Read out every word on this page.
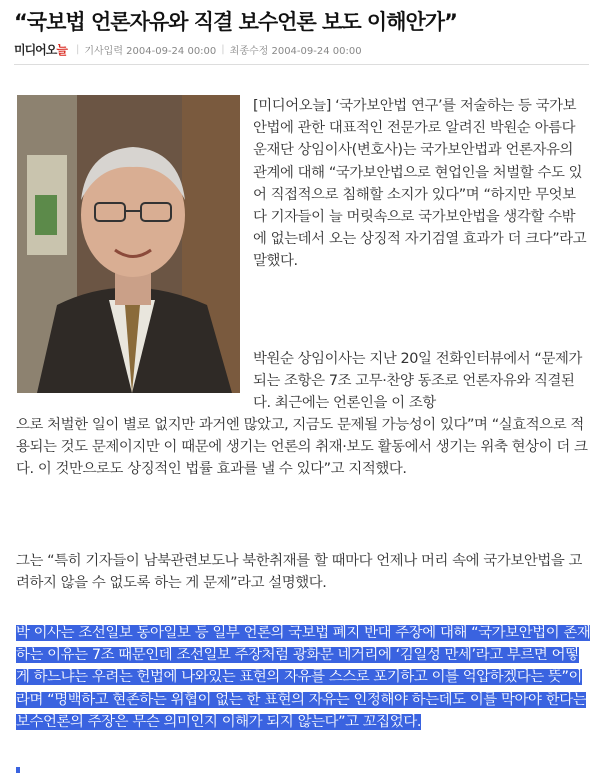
“국보법 언론자유와 직결 보수언론 보도 이해안가”
미디어오늘 | 기사입력 2004-09-24 00:00 | 최종수정 2004-09-24 00:00

[미디어오늘] ‘국가보안법 연구’를 저술하는 등 국가보안법에 관한 대표적인 전문가로 알려진 박원순 아름다운재단 상임이사(변호사)는 국가보안법과 언론자유의 관계에 대해 “국가보안법으로 현업인을 처벌할 수도 있어 직접적으로 침해할 소지가 있다”며 “하지만 무엇보다 기자들이 늘 머릿속으로 국가보안법을 생각할 수밖에 없는데서 오는 상징적 자기검열 효과가 더 크다”라고 말했다.

박원순 상임이사는 지난 20일 전화인터뷰에서 “문제가 되는 조항은 7조 고무·찬양 동조로 언론자유와 직결된다. 최근에는 언론인을 이 조항

으로 처벌한 일이 별로 없지만 과거엔 많았고, 지금도 문제될 가능성이 있다”며 “실효적으로 적용되는 것도 문제이지만 이 때문에 생기는 언론의 취재·보도 활동에서 생기는 위축 현상이 더 크다. 이 것만으로도 상징적인 법률 효과를 낼 수 있다”고 지적했다.

그는 “특히 기자들이 남북관련보도나 북한취재를 할 때마다 언제나 머리 속에 국가보안법을 고려하지 않을 수 없도록 하는 게 문제”라고 설명했다.

박 이사는 조선일보 동아일보 등 일부 언론의 국보법 폐지 반대 주장에 대해 “국가보안법이 존재하는 이유는 7조 때문인데 조선일보 주장처럼 광화문 네거리에 ‘김일성 만세’라고 부르면 어떻게 하느냐는 우려는 헌법에 나와있는 표현의 자유를 스스로 포기하고 이를 억압하겠다는 뜻”이라며 “명백하고 현존하는 위협이 없는 한 표현의 자유는 인정해야 하는데도 이를 막아야 한다는 보수언론의 주장은 무슨 의미인지 이해가 되지 않는다”고 꼬집었다.
